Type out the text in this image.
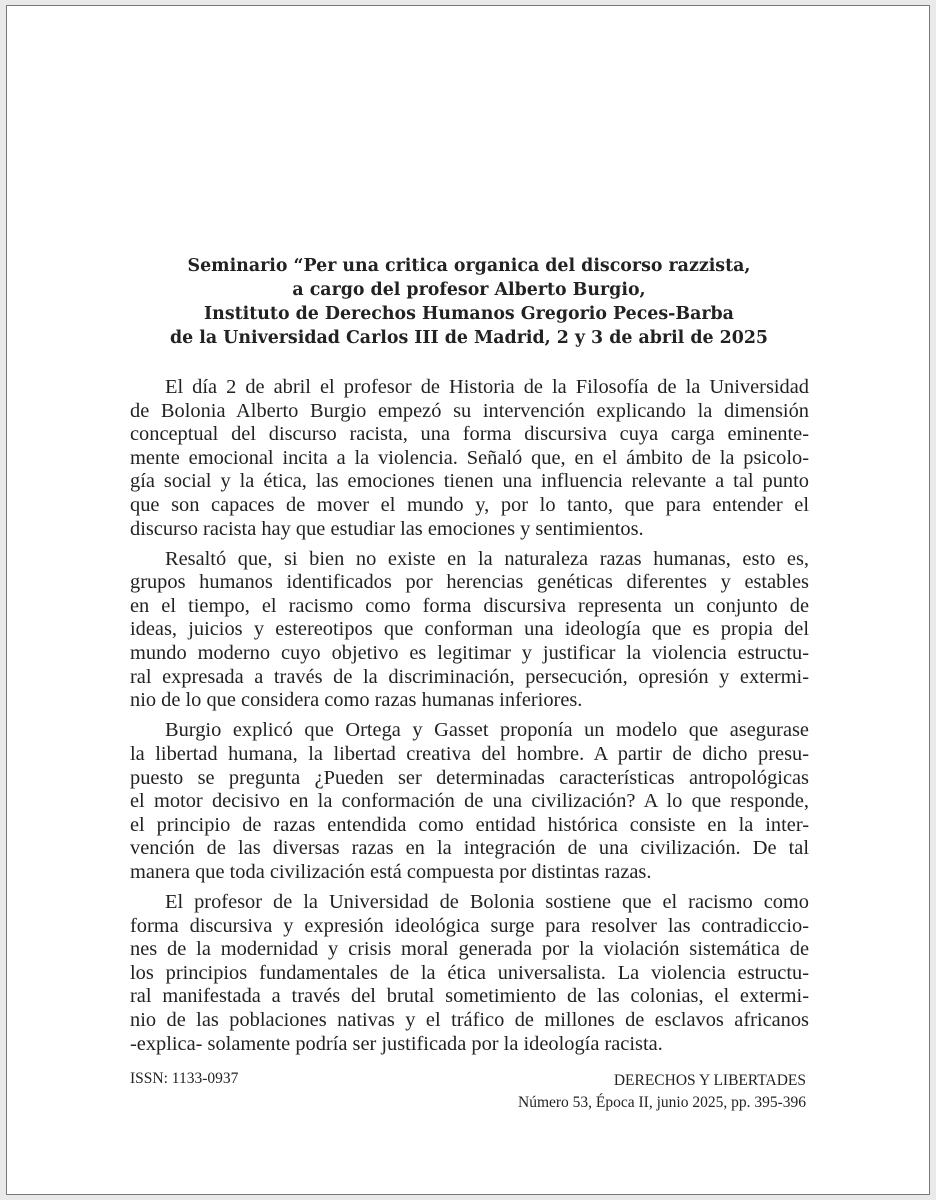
Seminario “Per una critica organica del discorso razzista,
a cargo del profesor Alberto Burgio,
Instituto de Derechos Humanos Gregorio Peces-Barba
de la Universidad Carlos III de Madrid, 2 y 3 de abril de 2025
El día 2 de abril el profesor de Historia de la Filosofía de la Universidad
de Bolonia Alberto Burgio empezó su intervención explicando la dimensión
conceptual del discurso racista, una forma discursiva cuya carga eminente-
mente emocional incita a la violencia. Señaló que, en el ámbito de la psicolo-
gía social y la ética, las emociones tienen una influencia relevante a tal punto
que son capaces de mover el mundo y, por lo tanto, que para entender el
discurso racista hay que estudiar las emociones y sentimientos.
Resaltó que, si bien no existe en la naturaleza razas humanas, esto es,
grupos humanos identificados por herencias genéticas diferentes y estables
en el tiempo, el racismo como forma discursiva representa un conjunto de
ideas, juicios y estereotipos que conforman una ideología que es propia del
mundo moderno cuyo objetivo es legitimar y justificar la violencia estructu-
ral expresada a través de la discriminación, persecución, opresión y extermi-
nio de lo que considera como razas humanas inferiores.
Burgio explicó que Ortega y Gasset proponía un modelo que asegurase
la libertad humana, la libertad creativa del hombre. A partir de dicho presu-
puesto se pregunta ¿Pueden ser determinadas características antropológicas
el motor decisivo en la conformación de una civilización? A lo que responde,
el principio de razas entendida como entidad histórica consiste en la inter-
vención de las diversas razas en la integración de una civilización. De tal
manera que toda civilización está compuesta por distintas razas.
El profesor de la Universidad de Bolonia sostiene que el racismo como
forma discursiva y expresión ideológica surge para resolver las contradiccio-
nes de la modernidad y crisis moral generada por la violación sistemática de
los principios fundamentales de la ética universalista. La violencia estructu-
ral manifestada a través del brutal sometimiento de las colonias, el extermi-
nio de las poblaciones nativas y el tráfico de millones de esclavos africanos
-explica- solamente podría ser justificada por la ideología racista.
ISSN: 1133-0937	DERECHOS Y LIBERTADES
Número 53, Época II, junio 2025, pp. 395-396
